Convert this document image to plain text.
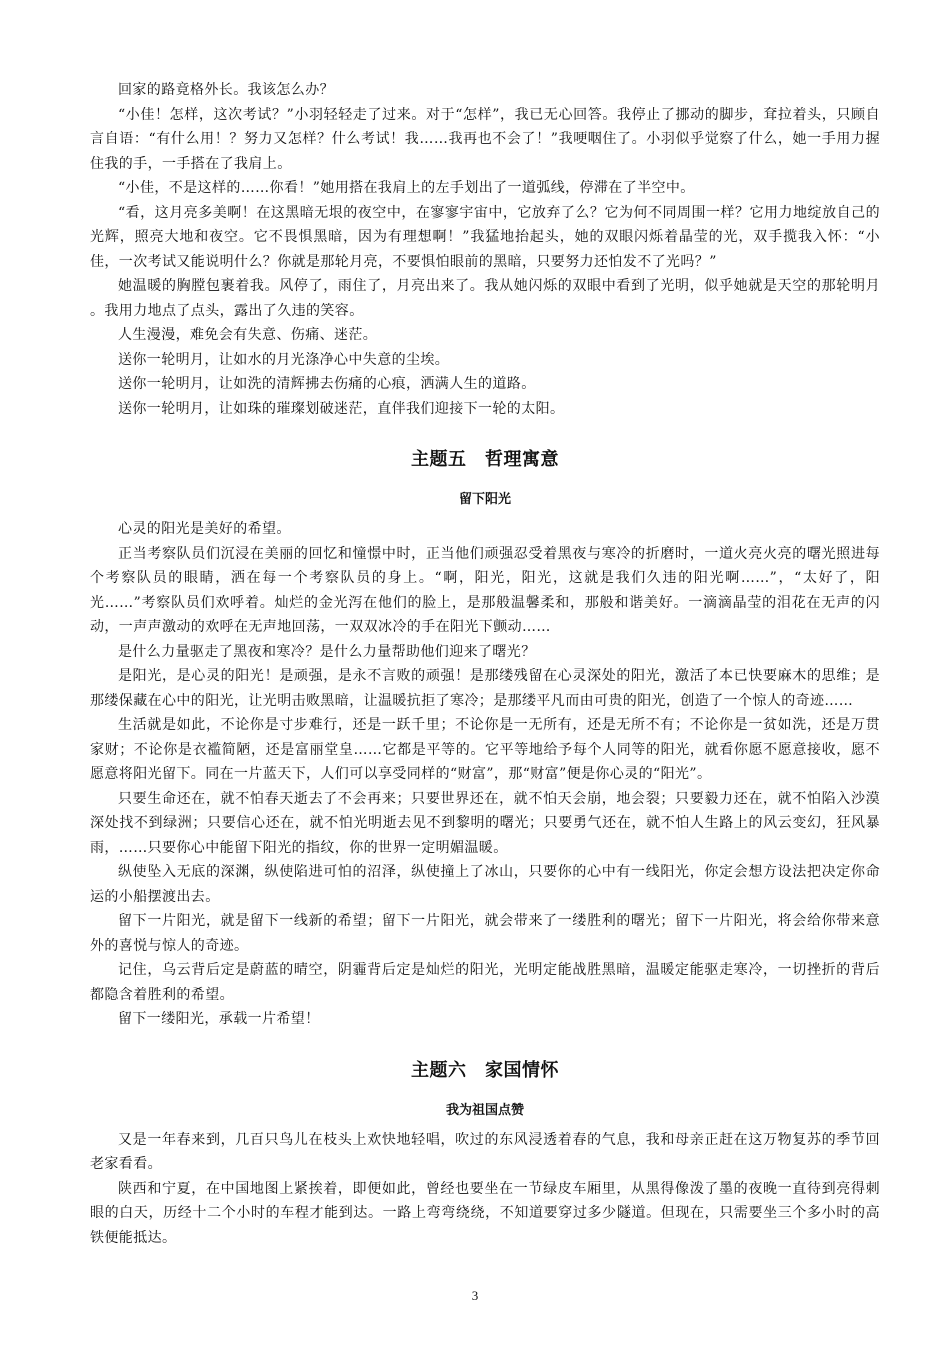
回家的路竟格外长。我该怎么办？

“小佳！怎样，这次考试？”小羽轻轻走了过来。对于“怎样”，我已无心回答。我停止了挪动的脚步，耷拉着头，只顾自言自语：“有什么用！？努力又怎样？什么考试！我……我再也不会了！”我哽咽住了。小羽似乎觉察了什么，她一手用力握住我的手，一手搭在了我肩上。

“小佳，不是这样的……你看！”她用搭在我肩上的左手划出了一道弧线，停滞在了半空中。

“看，这月亮多美啊！在这黑暗无垠的夜空中，在寥寥宇宙中，它放弃了么？它为何不同周围一样？它用力地绽放自己的光辉，照亮大地和夜空。它不畏惧黑暗，因为有理想啊！”我猛地抬起头，她的双眼闪烁着晶莹的光，双手揽我入怀：“小佳，一次考试又能说明什么？你就是那轮月亮，不要惧怕眼前的黑暗，只要努力还怕发不了光吗？”

她温暖的胸膛包裹着我。风停了，雨住了，月亮出来了。我从她闪烁的双眼中看到了光明，似乎她就是天空的那轮明月 。我用力地点了点头，露出了久违的笑容。

人生漫漫，难免会有失意、伤痛、迷茫。

送你一轮明月，让如水的月光涤净心中失意的尘埃。

送你一轮明月，让如洗的清辉拂去伤痛的心痕，洒满人生的道路。

送你一轮明月，让如珠的璀璨划破迷茫，直伴我们迎接下一轮的太阳。

主题五　哲理寓意
留下阳光

心灵的阳光是美好的希望。

正当考察队员们沉浸在美丽的回忆和憧憬中时，正当他们顽强忍受着黑夜与寒冷的折磨时，一道火亮火亮的曙光照进每个考察队员的眼睛，洒在每一个考察队员的身上。“啊，阳光，阳光，这就是我们久违的阳光啊……”，“太好了，阳光……”考察队员们欢呼着。灿烂的金光泻在他们的脸上，是那般温馨柔和，那般和谐美好。一滴滴晶莹的泪花在无声的闪动，一声声激动的欢呼在无声地回荡，一双双冰冷的手在阳光下颤动……

是什么力量驱走了黑夜和寒冷？是什么力量帮助他们迎来了曙光？

是阳光，是心灵的阳光！是顽强，是永不言败的顽强！是那缕残留在心灵深处的阳光，激活了本已快要麻木的思维；是那缕保藏在心中的阳光，让光明击败黑暗，让温暖抗拒了寒冷；是那缕平凡而由可贵的阳光，创造了一个惊人的奇迹……

生活就是如此，不论你是寸步难行，还是一跃千里；不论你是一无所有，还是无所不有；不论你是一贫如洗，还是万贯家财；不论你是衣褴简陋，还是富丽堂皇……它都是平等的。它平等地给予每个人同等的阳光，就看你愿不愿意接收，愿不愿意将阳光留下。同在一片蓝天下，人们可以享受同样的“财富”，那“财富”便是你心灵的“阳光”。

只要生命还在，就不怕春天逝去了不会再来；只要世界还在，就不怕天会崩，地会裂；只要毅力还在，就不怕陷入沙漠深处找不到绿洲；只要信心还在，就不怕光明逝去见不到黎明的曙光；只要勇气还在，就不怕人生路上的风云变幻，狂风暴雨，……只要你心中能留下阳光的指纹，你的世界一定明媚温暖。

纵使坠入无底的深渊，纵使陷进可怕的沼泽，纵使撞上了冰山，只要你的心中有一线阳光，你定会想方设法把决定你命运的小船摆渡出去。

留下一片阳光，就是留下一线新的希望；留下一片阳光，就会带来了一缕胜利的曙光；留下一片阳光，将会给你带来意外的喜悦与惊人的奇迹。

记住，乌云背后定是蔚蓝的晴空，阴霾背后定是灿烂的阳光，光明定能战胜黑暗，温暖定能驱走寒冷，一切挫折的背后都隐含着胜利的希望。

留下一缕阳光，承载一片希望！

主题六　家国情怀
我为祖国点赞

又是一年春来到，几百只鸟儿在枝头上欢快地轻唱，吹过的东风浸透着春的气息，我和母亲正赶在这万物复苏的季节回老家看看。

陕西和宁夏，在中国地图上紧挨着，即便如此，曾经也要坐在一节绿皮车厢里，从黑得像泼了墨的夜晚一直待到亮得刺眼的白天，历经十二个小时的车程才能到达。一路上弯弯绕绕，不知道要穿过多少隧道。但现在，只需要坐三个多小时的高铁便能抵达。

3
